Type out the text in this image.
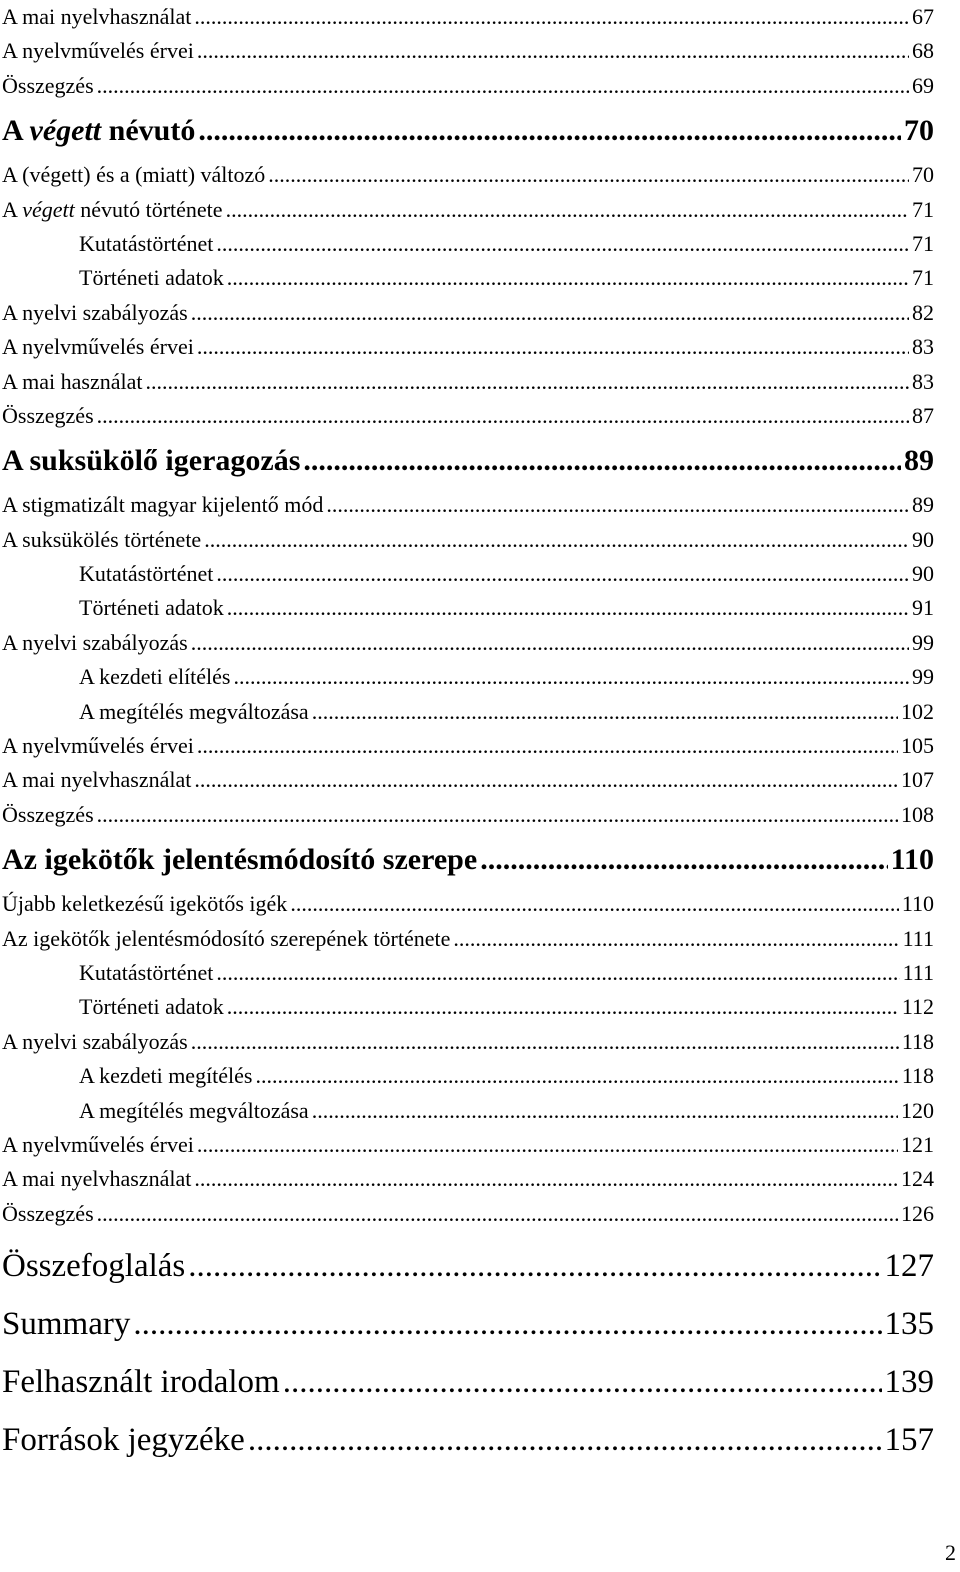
A mai nyelvhasználat .....	67
A nyelvművelés érvei .....	68
Összegzés .....	69
A végett névutó .....	70
A (végett) és a (miatt) változó .....	70
A végett névutó története .....	71
Kutatástörténet .....	71
Történeti adatok .....	71
A nyelvi szabályozás .....	82
A nyelvművelés érvei .....	83
A mai használat .....	83
Összegzés .....	87
A suksükölő igeragozás .....	89
A stigmatizált magyar kijelentő mód .....	89
A suksükölés története .....	90
Kutatástörténet .....	90
Történeti adatok .....	91
A nyelvi szabályozás .....	99
A kezdeti elítélés .....	99
A megítélés megváltozása .....	102
A nyelvművelés érvei .....	105
A mai nyelvhasználat .....	107
Összegzés .....	108
Az igekötők jelentésmódosító szerepe .....	110
Újabb keletkezésű igekötős igék .....	110
Az igekötők jelentésmódosító szerepének története .....	111
Kutatástörténet .....	111
Történeti adatok .....	112
A nyelvi szabályozás .....	118
A kezdeti megítélés .....	118
A megítélés megváltozása .....	120
A nyelvművelés érvei .....	121
A mai nyelvhasználat .....	124
Összegzés .....	126
Összefoglalás .....	127
Summary .....	135
Felhasznált irodalom .....	139
Források jegyzéke .....	157
2
